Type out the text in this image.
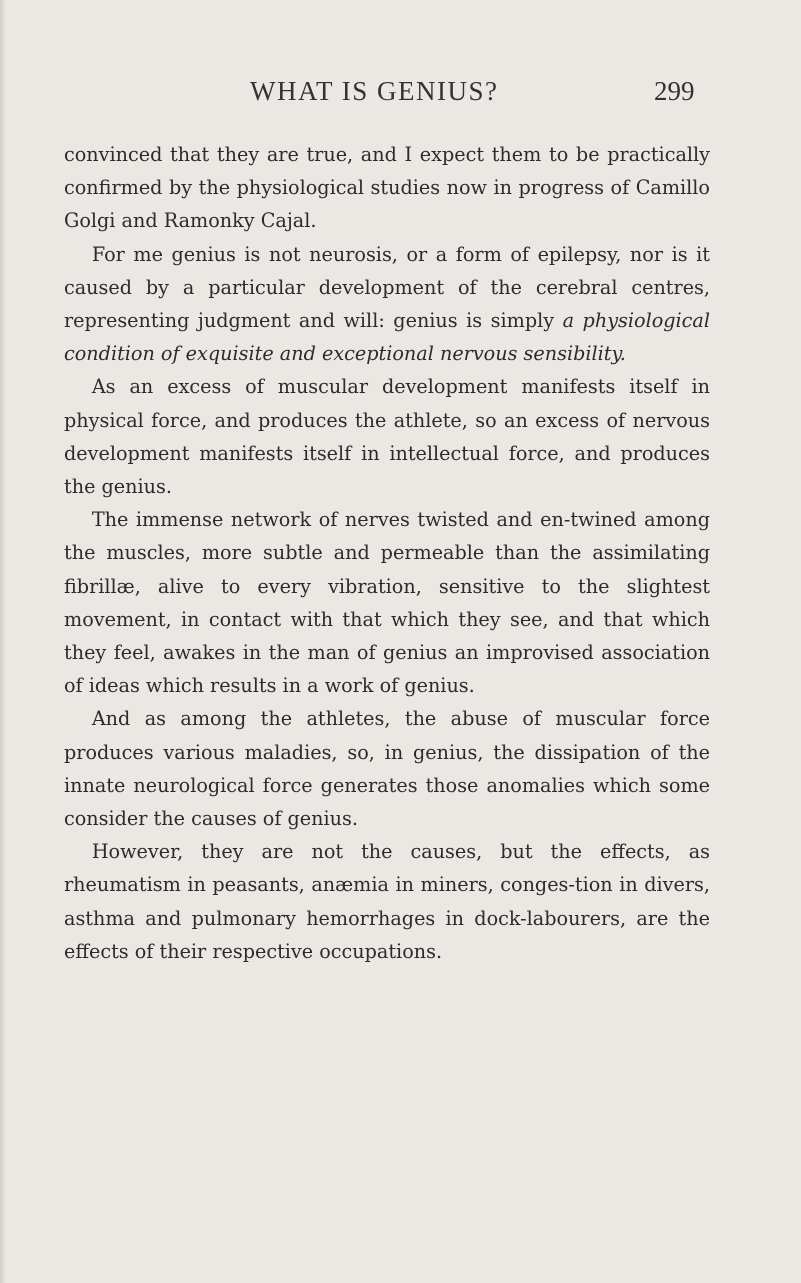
WHAT IS GENIUS?	299

convinced that they are true, and I expect them to be practically confirmed by the physiological studies now in progress of Camillo Golgi and Ramonky Cajal.

For me genius is not neurosis, or a form of epilepsy, nor is it caused by a particular development of the cerebral centres, representing judgment and will: genius is simply a physiological condition of exquisite and exceptional nervous sensibility.

As an excess of muscular development manifests itself in physical force, and produces the athlete, so an excess of nervous development manifests itself in intellectual force, and produces the genius.

The immense network of nerves twisted and en-twined among the muscles, more subtle and permeable than the assimilating fibrillæ, alive to every vibration, sensitive to the slightest movement, in contact with that which they see, and that which they feel, awakes in the man of genius an improvised association of ideas which results in a work of genius.

And as among the athletes, the abuse of muscular force produces various maladies, so, in genius, the dissipation of the innate neurological force generates those anomalies which some consider the causes of genius.

However, they are not the causes, but the effects, as rheumatism in peasants, anæmia in miners, conges-tion in divers, asthma and pulmonary hemorrhages in dock-labourers, are the effects of their respective occupations.
